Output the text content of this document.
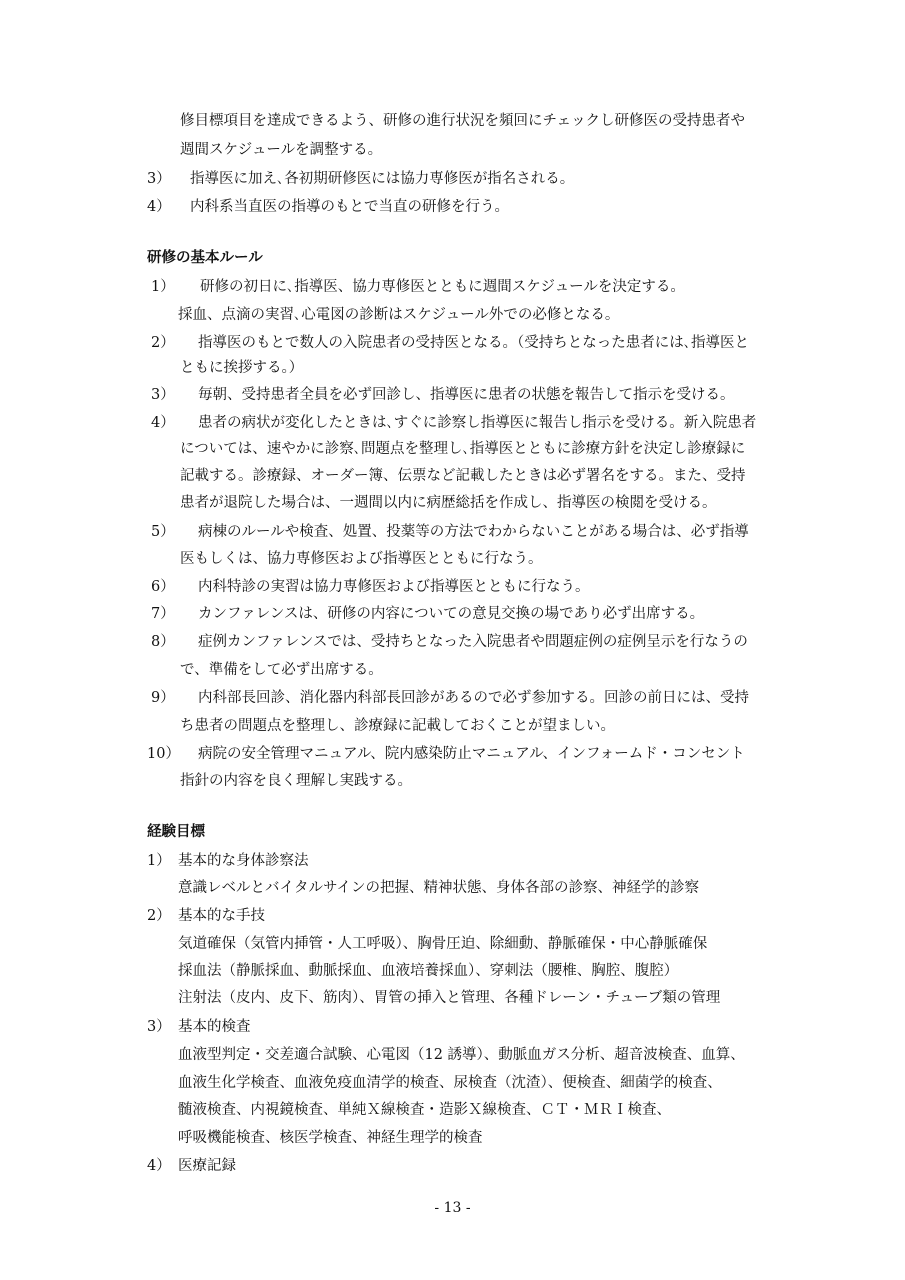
修目標項目を達成できるよう、研修の進行状況を頻回にチェックし研修医の受持患者や
週間スケジュールを調整する。
3） 指導医に加え､各初期研修医には協力専修医が指名される。
4） 内科系当直医の指導のもとで当直の研修を行う。
研修の基本ルール
1） 研修の初日に､指導医、協力専修医とともに週間スケジュールを決定する。
採血、点滴の実習､心電図の診断はスケジュール外での必修となる。
2） 指導医のもとで数人の入院患者の受持医となる。（受持ちとなった患者には､指導医と
ともに挨拶する。）
3） 毎朝、受持患者全員を必ず回診し、指導医に患者の状態を報告して指示を受ける。
4） 患者の病状が変化したときは､すぐに診察し指導医に報告し指示を受ける。新入院患者
については、速やかに診察､問題点を整理し､指導医とともに診療方針を決定し診療録に
記載する。診療録、オーダー簿、伝票など記載したときは必ず署名をする。また、受持
患者が退院した場合は、一週間以内に病歴総括を作成し、指導医の検閲を受ける。
5） 病棟のルールや検査、処置、投薬等の方法でわからないことがある場合は、必ず指導
医もしくは、協力専修医および指導医とともに行なう。
6） 内科特診の実習は協力専修医および指導医とともに行なう。
7） カンファレンスは、研修の内容についての意見交換の場であり必ず出席する。
8） 症例カンファレンスでは、受持ちとなった入院患者や問題症例の症例呈示を行なうの
で、準備をして必ず出席する。
9） 内科部長回診、消化器内科部長回診があるので必ず参加する。回診の前日には、受持
ち患者の問題点を整理し、診療録に記載しておくことが望ましい。
10） 病院の安全管理マニュアル、院内感染防止マニュアル、インフォームド・コンセント
指針の内容を良く理解し実践する。
経験目標
1） 基本的な身体診察法
意識レベルとバイタルサインの把握、精神状態、身体各部の診察、神経学的診察
2） 基本的な手技
気道確保（気管内挿管・人工呼吸）、胸骨圧迫、除細動、静脈確保・中心静脈確保
採血法（静脈採血、動脈採血、血液培養採血）、穿刺法（腰椎、胸腔、腹腔）
注射法（皮内、皮下、筋肉）、胃管の挿入と管理、各種ドレーン・チューブ類の管理
3） 基本的検査
血液型判定・交差適合試験、心電図（12 誘導）、動脈血ガス分析、超音波検査、血算、
血液生化学検査、血液免疫血清学的検査、尿検査（沈渣）、便検査、細菌学的検査、
髄液検査、内視鏡検査、単純Ｘ線検査・造影Ｘ線検査、ＣＴ・ＭＲＩ検査、
呼吸機能検査、核医学検査、神経生理学的検査
4） 医療記録
- 13 -
